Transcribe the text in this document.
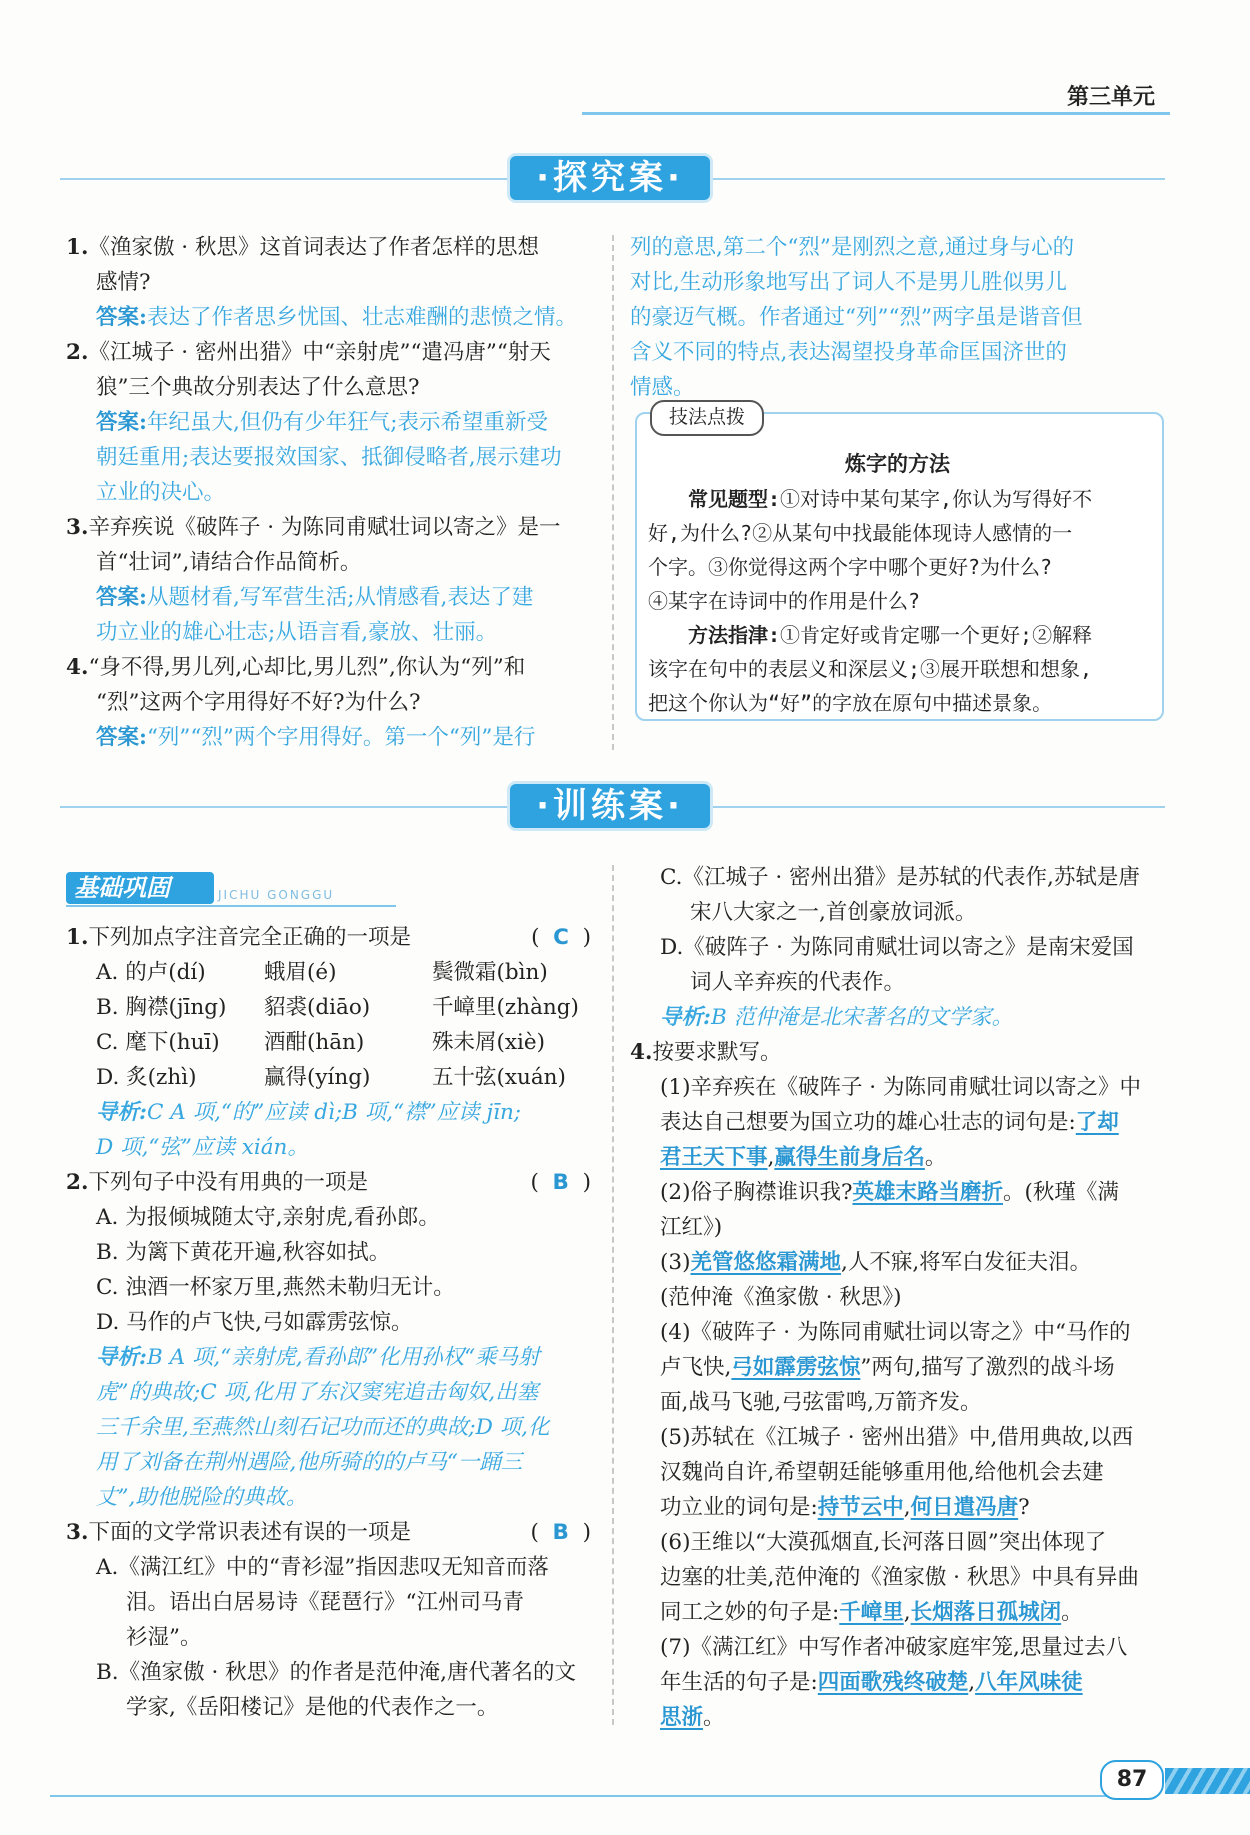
第三单元
·探究案·

1.《渔家傲 · 秋思》这首词表达了作者怎样的思想

感情?

答案:表达了作者思乡忧国、壮志难酬的悲愤之情。

2.《江城子 · 密州出猎》中“亲射虎”“遣冯唐”“射天

狼”三个典故分别表达了什么意思?

答案:年纪虽大,但仍有少年狂气;表示希望重新受

朝廷重用;表达要报效国家、抵御侵略者,展示建功

立业的决心。

3.辛弃疾说《破阵子 · 为陈同甫赋壮词以寄之》是一

首“壮词”,请结合作品简析。

答案:从题材看,写军营生活;从情感看,表达了建

功立业的雄心壮志;从语言看,豪放、壮丽。

4.“身不得,男儿列,心却比,男儿烈”,你认为“列”和

“烈”这两个字用得好不好?为什么?

答案:“列”“烈”两个字用得好。第一个“列”是行

列的意思,第二个“烈”是刚烈之意,通过身与心的

对比,生动形象地写出了词人不是男儿胜似男儿

的豪迈气概。作者通过“列”“烈”两字虽是谐音但

含义不同的特点,表达渴望投身革命匡国济世的

情感。

技法点拨
炼字的方法
常见题型:①对诗中某句某字,你认为写得好不
好,为什么?②从某句中找最能体现诗人感情的一
个字。③你觉得这两个字中哪个更好?为什么?
④某字在诗词中的作用是什么?
方法指津:①肯定好或肯定哪一个更好;②解释
该字在句中的表层义和深层义;③展开联想和想象,
把这个你认为“好”的字放在原句中描述景象。
·训练案·
基础巩固	JICHU GONGGU

1.下列加点字注音完全正确的一项是	(  C  )

A. 的卢(dí)	蛾眉(é)	鬓微霜(bìn)
B. 胸襟(jīng)	貂裘(diāo)	千嶂里(zhàng)
C. 麾下(huī)	酒酣(hān)	殊未屑(xiè)
D. 炙(zhì)	赢得(yíng)	五十弦(xuán)

导析:C A 项,“的”应读 dì;B 项,“襟”应读 jīn;

D 项,“弦”应读 xián。

2.下列句子中没有用典的一项是	(  B  )

A. 为报倾城随太守,亲射虎,看孙郎。

B. 为篱下黄花开遍,秋容如拭。

C. 浊酒一杯家万里,燕然未勒归无计。

D. 马作的卢飞快,弓如霹雳弦惊。

导析:B A 项,“亲射虎,看孙郎”化用孙权“乘马射

虎”的典故;C 项,化用了东汉窦宪追击匈奴,出塞

三千余里,至燕然山刻石记功而还的典故;D 项,化

用了刘备在荆州遇险,他所骑的的卢马“一踊三

丈”,助他脱险的典故。

3.下面的文学常识表述有误的一项是	(  B  )

A.《满江红》中的“青衫湿”指因悲叹无知音而落

泪。语出白居易诗《琵琶行》“江州司马青

衫湿”。

B.《渔家傲 · 秋思》的作者是范仲淹,唐代著名的文

学家,《岳阳楼记》是他的代表作之一。

C.《江城子 · 密州出猎》是苏轼的代表作,苏轼是唐

宋八大家之一,首创豪放词派。

D.《破阵子 · 为陈同甫赋壮词以寄之》是南宋爱国

词人辛弃疾的代表作。

导析:B 范仲淹是北宋著名的文学家。

4.按要求默写。

(1)辛弃疾在《破阵子 · 为陈同甫赋壮词以寄之》中

表达自己想要为国立功的雄心壮志的词句是:了却

君王天下事,赢得生前身后名。

(2)俗子胸襟谁识我?英雄末路当磨折。(秋瑾《满

江红》)

(3)羌管悠悠霜满地,人不寐,将军白发征夫泪。

(范仲淹《渔家傲 · 秋思》)

(4)《破阵子 · 为陈同甫赋壮词以寄之》中“马作的

卢飞快,弓如霹雳弦惊”两句,描写了激烈的战斗场

面,战马飞驰,弓弦雷鸣,万箭齐发。

(5)苏轼在《江城子 · 密州出猎》中,借用典故,以西

汉魏尚自许,希望朝廷能够重用他,给他机会去建

功立业的词句是:持节云中,何日遣冯唐?

(6)王维以“大漠孤烟直,长河落日圆”突出体现了

边塞的壮美,范仲淹的《渔家傲 · 秋思》中具有异曲

同工之妙的句子是:千嶂里,长烟落日孤城闭。

(7)《满江红》中写作者冲破家庭牢笼,思量过去八

年生活的句子是:四面歌残终破楚,八年风味徒

思浙。

87
